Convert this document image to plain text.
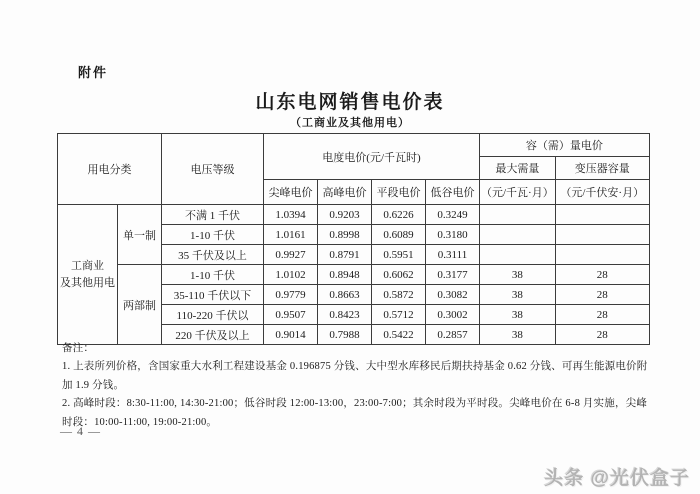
附件
山东电网销售电价表
（工商业及其他用电）
用电分类		电压等级	电度电价(元/千瓦时)				容（需）量电价	
							最大需量	变压器容量
			尖峰电价	高峰电价	平段电价	低谷电价	（元/千瓦·月）	（元/千伏安·月）

工商业
及其他用电	单一制	不满 1 千伏	1.0394	0.9203	0.6226	0.3249		
		1-10 千伏	1.0161	0.8998	0.6089	0.3180		
		35 千伏及以上	0.9927	0.8791	0.5951	0.3111		
	两部制	1-10 千伏	1.0102	0.8948	0.6062	0.3177	38	28
		35-110 千伏以下	0.9779	0.8663	0.5872	0.3082	38	28
		110-220 千伏以	0.9507	0.8423	0.5712	0.3002	38	28
		220 千伏及以上	0.9014	0.7988	0.5422	0.2857	38	28
备注：

1. 上表所列价格，含国家重大水利工程建设基金 0.196875 分钱、大中型水库移民后期扶持基金 0.62 分钱、可再生能源电价附加 1.9 分钱。

2. 高峰时段：8:30-11:00, 14:30-21:00；低谷时段 12:00-13:00，23:00-7:00；其余时段为平时段。尖峰电价在 6-8 月实施，尖峰时段：10:00-11:00, 19:00-21:00。

— 4 —
头条 @光伏盒子
